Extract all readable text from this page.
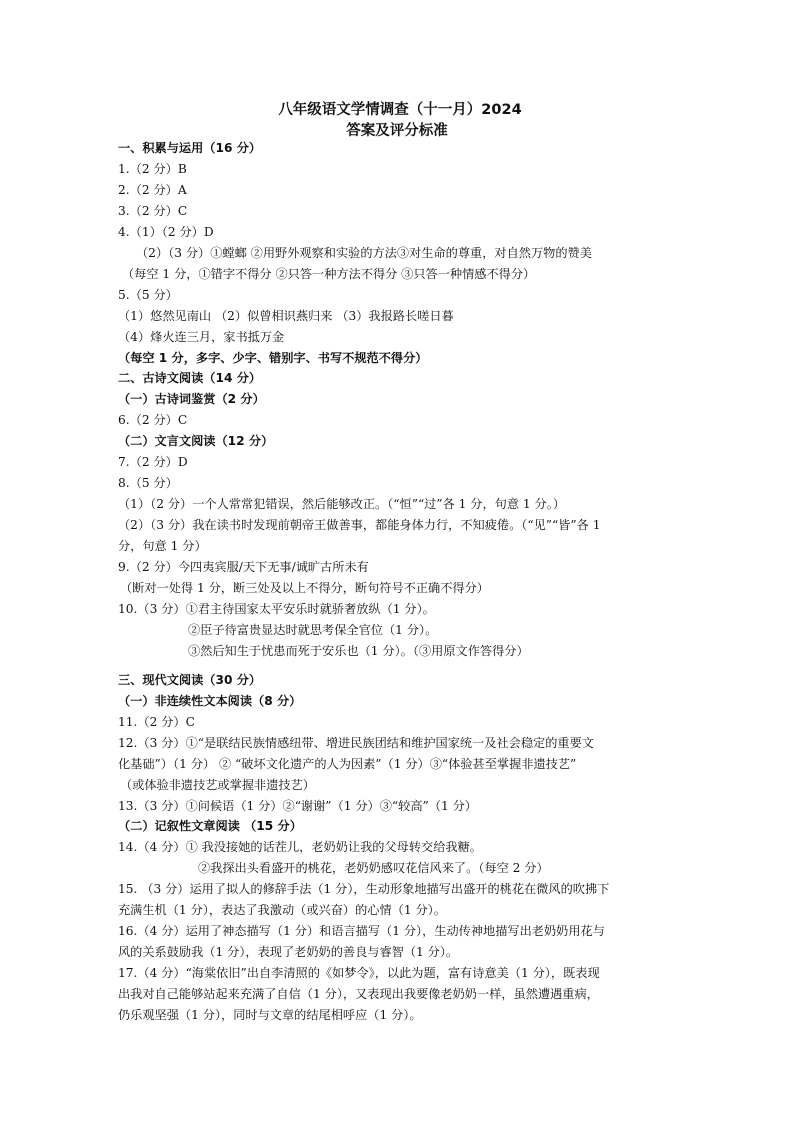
八年级语文学情调查（十一月）2024
答案及评分标准
一、积累与运用（16 分）
1.（2 分）B
2.（2 分）A
3.（2 分）C
4.（1）（2 分）D
（2）（3 分）①螳螂 ②用野外观察和实验的方法③对生命的尊重，对自然万物的赞美
（每空 1 分，①错字不得分 ②只答一种方法不得分 ③只答一种情感不得分）
5.（5 分）
（1）悠然见南山 （2）似曾相识燕归来 （3）我报路长嗟日暮
（4）烽火连三月，家书抵万金
（每空 1 分，多字、少字、错别字、书写不规范不得分）
二、古诗文阅读（14 分）
（一）古诗词鉴赏（2 分）
6.（2 分）C
（二）文言文阅读（12 分）
7.（2 分）D
8.（5 分）
（1）（2 分）一个人常常犯错误，然后能够改正。（“恒”“过”各 1 分，句意 1 分。）
（2）（3 分）我在读书时发现前朝帝王做善事，都能身体力行，不知疲倦。（“见”“皆”各 1
分，句意 1 分）
9.（2 分）今四夷宾服/天下无事/诚旷古所未有
（断对一处得 1 分，断三处及以上不得分，断句符号不正确不得分）
10.（3 分）①君主待国家太平安乐时就骄奢放纵（1 分）。
②臣子待富贵显达时就思考保全官位（1 分）。
③然后知生于忧患而死于安乐也（1 分）。（③用原文作答得分）
三、现代文阅读（30 分）
（一）非连续性文本阅读（8 分）
11.（2 分）C
12.（3 分）①“是联结民族情感纽带、增进民族团结和维护国家统一及社会稳定的重要文
化基础”）（1 分） ② “破坏文化遗产的人为因素”（1 分）③“体验甚至掌握非遗技艺”
（或体验非遗技艺或掌握非遗技艺）
13.（3 分）①问候语（1 分）②“谢谢”（1 分）③“较高”（1 分）
（二）记叙性文章阅读 （15 分）
14.（4 分）① 我没接她的话茬儿，老奶奶让我的父母转交给我糖。
②我探出头看盛开的桃花，老奶奶感叹花信风来了。（每空 2 分）
15. （3 分）运用了拟人的修辞手法（1 分），生动形象地描写出盛开的桃花在微风的吹拂下
充满生机（1 分），表达了我激动（或兴奋）的心情（1 分）。
16.（4 分）运用了神态描写（1 分）和语言描写（1 分），生动传神地描写出老奶奶用花与
风的关系鼓励我（1 分），表现了老奶奶的善良与睿智（1 分）。
17.（4 分）“海棠依旧”出自李清照的《如梦令》，以此为题，富有诗意美（1 分），既表现
出我对自己能够站起来充满了自信（1 分），又表现出我要像老奶奶一样，虽然遭遇重病，
仍乐观坚强（1 分），同时与文章的结尾相呼应（1 分）。
